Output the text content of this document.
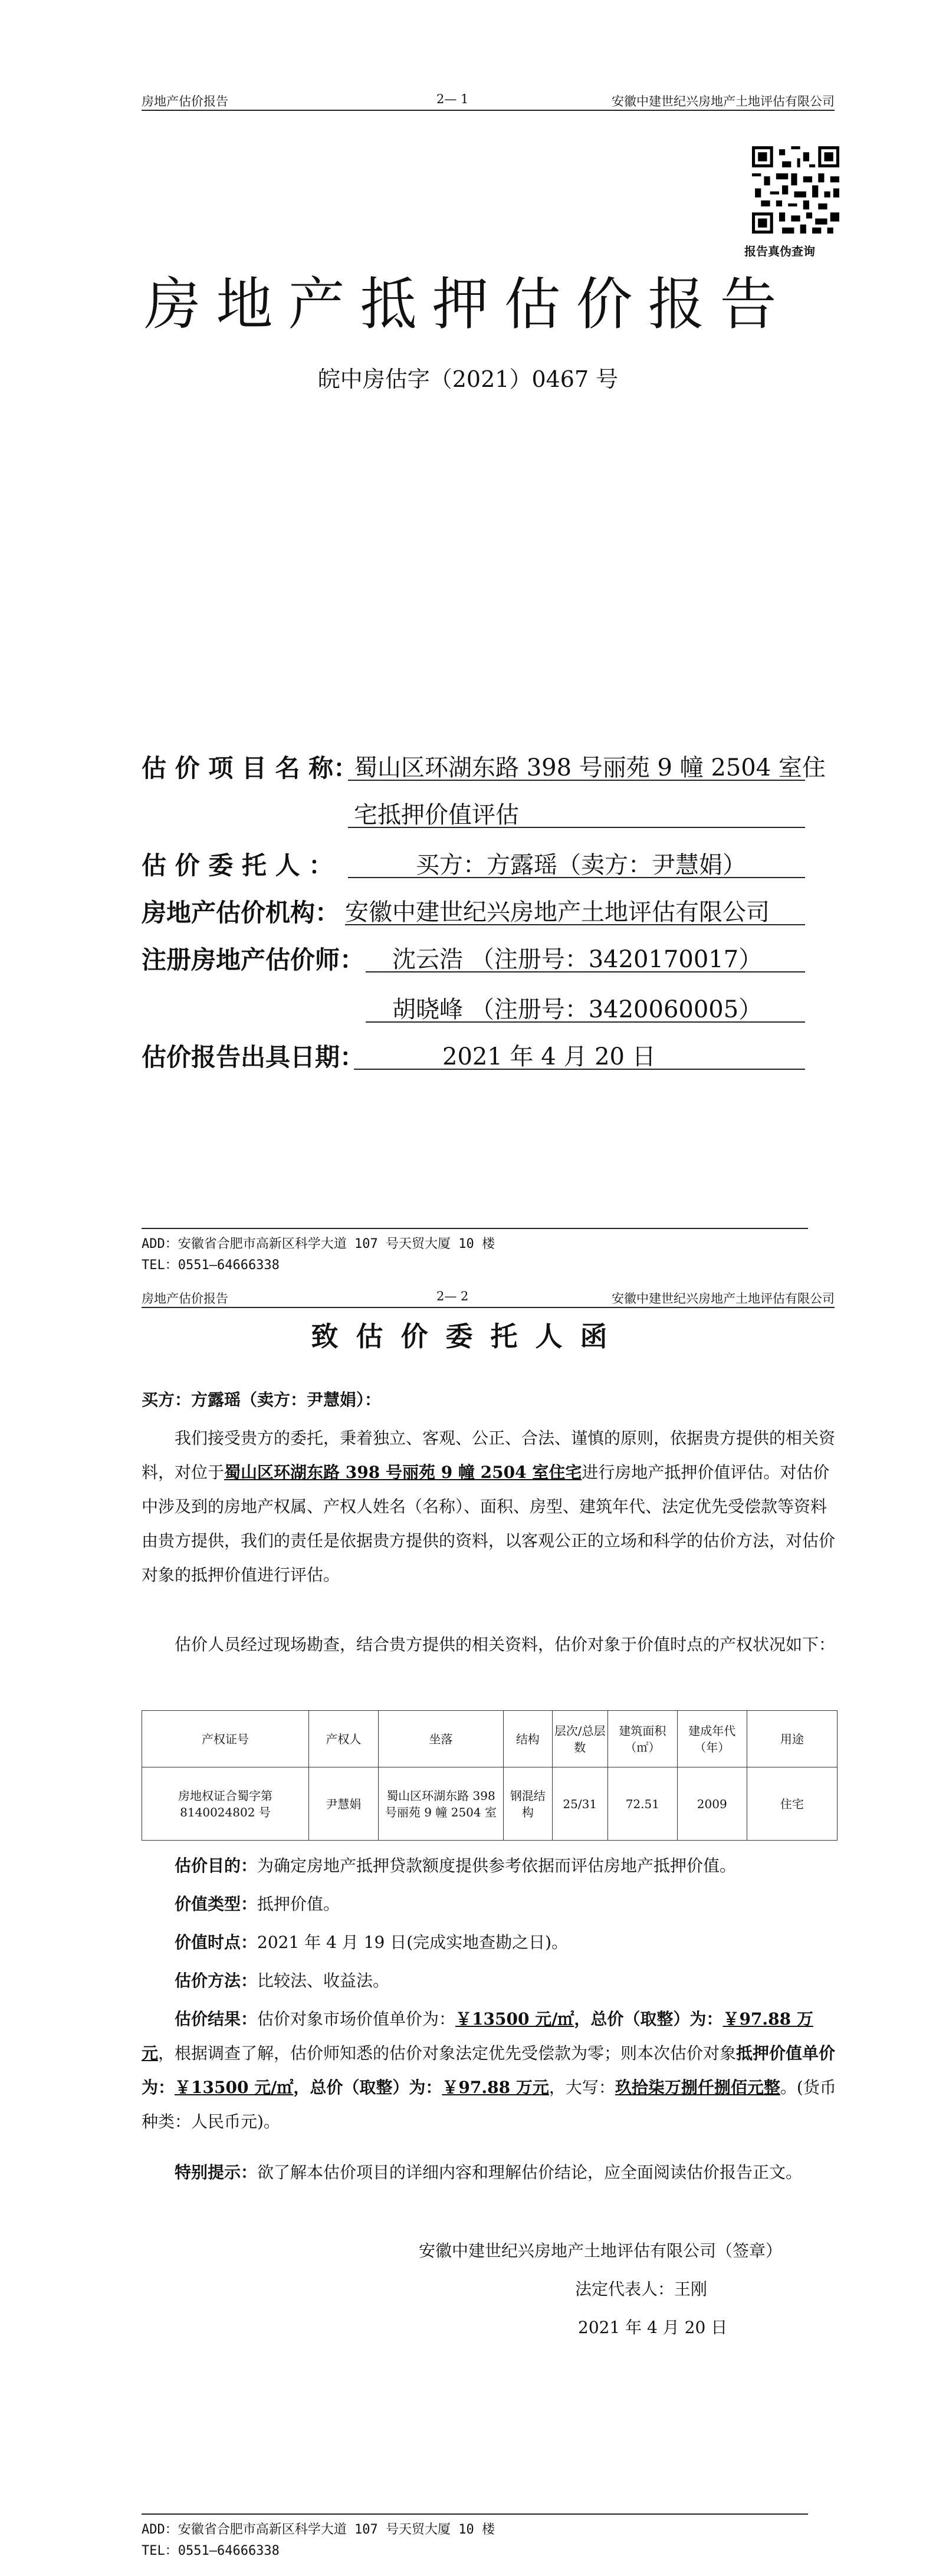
房地产估价报告	2— 1	安徽中建世纪兴房地产土地评估有限公司
报告真伪查询
房地产抵押估价报告
皖中房估字（2021）0467 号
估 价 项 目 名 称：
蜀山区环湖东路 398 号丽苑 9 幢 2504 室住
宅抵押价值评估
估 价 委 托 人 ：	买方：方露瑶（卖方：尹慧娟）
房地产估价机构： 安徽中建世纪兴房地产土地评估有限公司
注册房地产估价师： 沈云浩 （注册号：3420170017）
胡晓峰 （注册号：3420060005）
估价报告出具日期：	2021 年 4 月 20 日
ADD：安徽省合肥市高新区科学大道 107 号天贸大厦 10 楼
TEL：0551—64666338
房地产估价报告	2— 2	安徽中建世纪兴房地产土地评估有限公司
致估价委托人函
买方：方露瑶（卖方：尹慧娟）：
我们接受贵方的委托，秉着独立、客观、公正、合法、谨慎的原则，依据贵方提供的相关资料，对位于蜀山区环湖东路 398 号丽苑 9 幢 2504 室住宅进行房地产抵押价值评估。对估价中涉及到的房地产权属、产权人姓名（名称）、面积、房型、建筑年代、法定优先受偿款等资料由贵方提供，我们的责任是依据贵方提供的资料，以客观公正的立场和科学的估价方法，对估价对象的抵押价值进行评估。
估价人员经过现场勘查，结合贵方提供的相关资料，估价对象于价值时点的产权状况如下：
产权证号	产权人	坐落	结构	层次/总层数	建筑面积（㎡）	建成年代（年）	用途
房地权证合蜀字第 8140024802 号	尹慧娟	蜀山区环湖东路 398 号丽苑 9 幢 2504 室	钢混结构	25/31	72.51	2009	住宅
估价目的：为确定房地产抵押贷款额度提供参考依据而评估房地产抵押价值。
价值类型：抵押价值。
价值时点：2021 年 4 月 19 日(完成实地查勘之日)。
估价方法：比较法、收益法。
估价结果：估价对象市场价值单价为：￥13500 元/㎡，总价（取整）为：￥97.88 万元，根据调查了解，估价师知悉的估价对象法定优先受偿款为零；则本次估价对象抵押价值单价为：￥13500 元/㎡，总价（取整）为：￥97.88 万元，大写：玖拾柒万捌仟捌佰元整。(货币种类：人民币元)。
特别提示：欲了解本估价项目的详细内容和理解估价结论，应全面阅读估价报告正文。
安徽中建世纪兴房地产土地评估有限公司（签章）
法定代表人：王刚
2021 年 4 月 20 日
ADD：安徽省合肥市高新区科学大道 107 号天贸大厦 10 楼
TEL：0551—64666338
